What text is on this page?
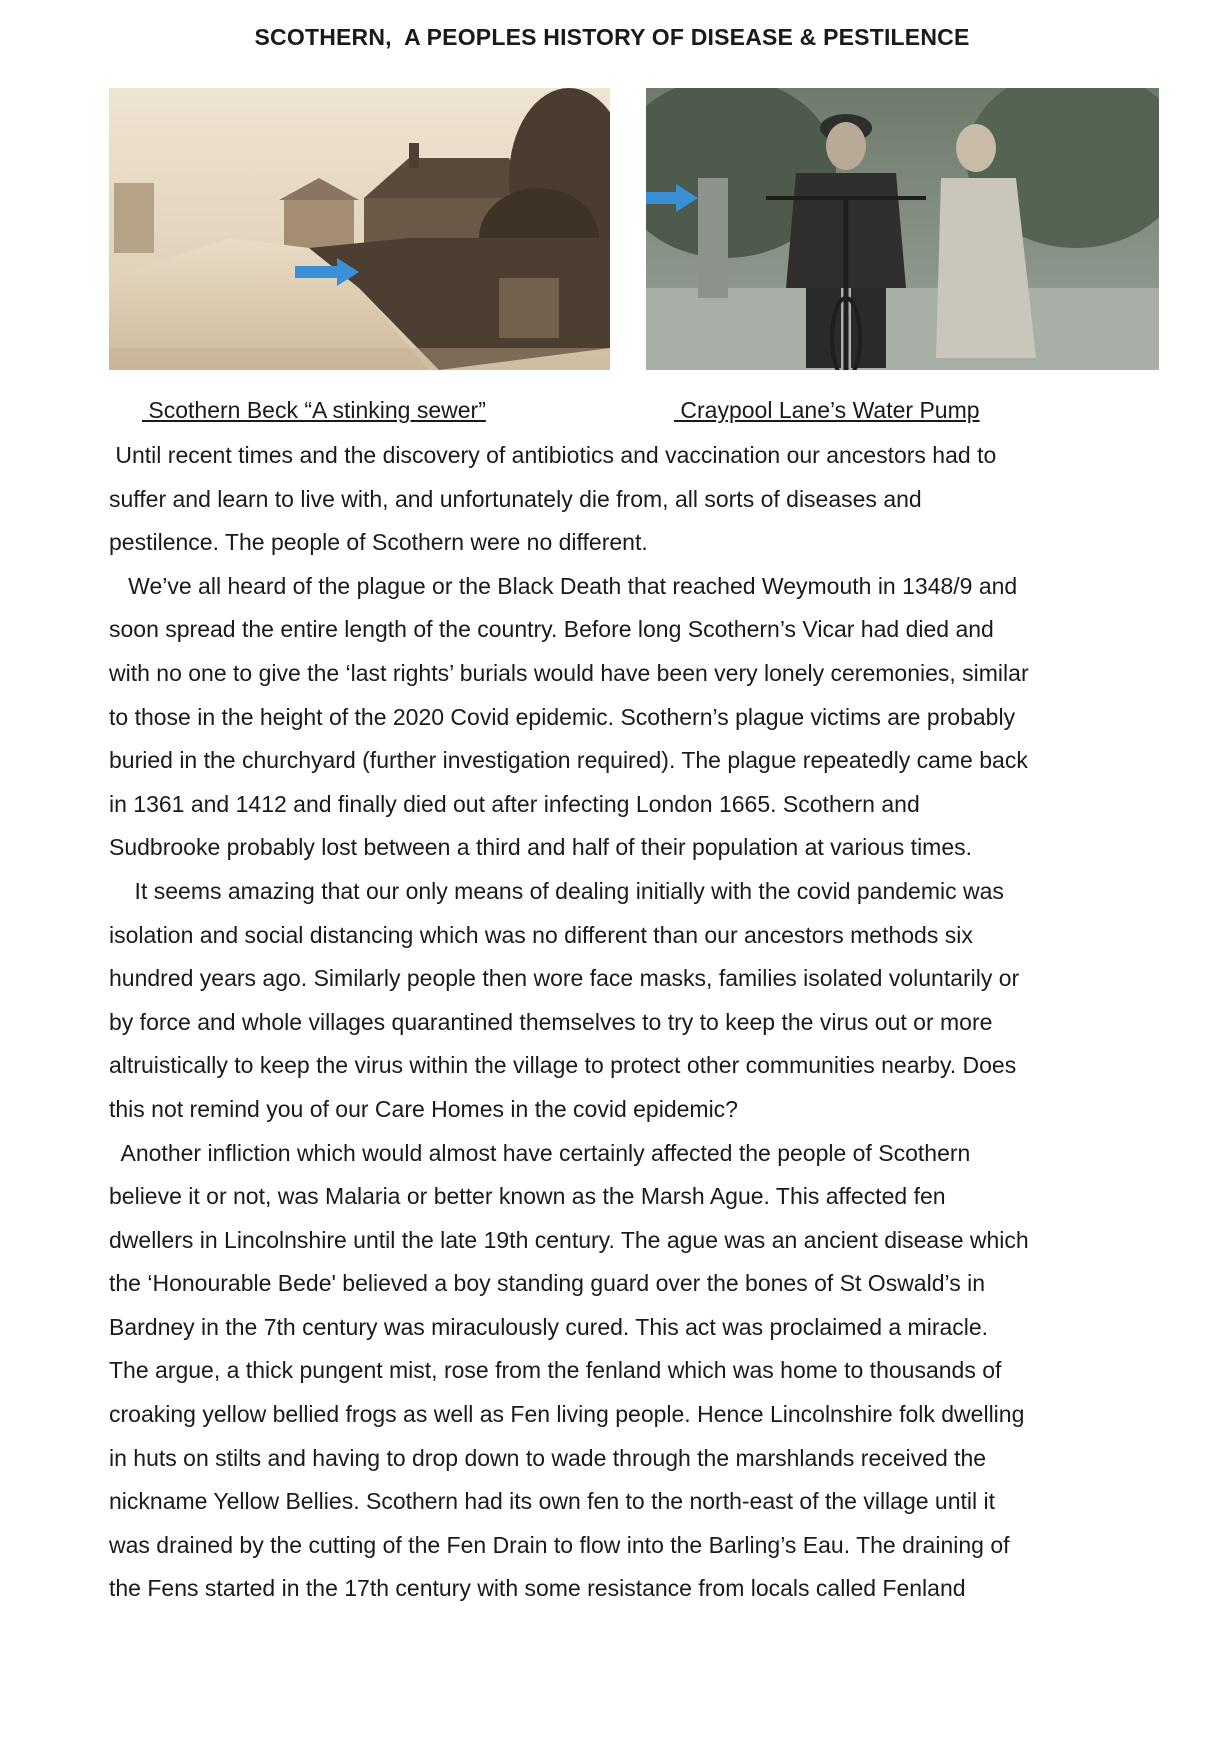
SCOTHERN,  A PEOPLES HISTORY OF DISEASE & PESTILENCE

Scothern Beck “A stinking sewer”	Craypool Lane’s Water Pump

Until recent times and the discovery of antibiotics and vaccination our ancestors had to
suffer and learn to live with, and unfortunately die from, all sorts of diseases and
pestilence. The people of Scothern were no different.
We’ve all heard of the plague or the Black Death that reached Weymouth in 1348/9 and
soon spread the entire length of the country. Before long Scothern’s Vicar had died and
with no one to give the ‘last rights’ burials would have been very lonely ceremonies, similar
to those in the height of the 2020 Covid epidemic. Scothern’s plague victims are probably
buried in the churchyard (further investigation required). The plague repeatedly came back
in 1361 and 1412 and finally died out after infecting London 1665. Scothern and
Sudbrooke probably lost between a third and half of their population at various times.
It seems amazing that our only means of dealing initially with the covid pandemic was
isolation and social distancing which was no different than our ancestors methods six
hundred years ago. Similarly people then wore face masks, families isolated voluntarily or
by force and whole villages quarantined themselves to try to keep the virus out or more
altruistically to keep the virus within the village to protect other communities nearby. Does
this not remind you of our Care Homes in the covid epidemic?
Another infliction which would almost have certainly affected the people of Scothern
believe it or not, was Malaria or better known as the Marsh Ague. This affected fen
dwellers in Lincolnshire until the late 19th century. The ague was an ancient disease which
the ‘Honourable Bede' believed a boy standing guard over the bones of St Oswald’s in
Bardney in the 7th century was miraculously cured. This act was proclaimed a miracle.
The argue, a thick pungent mist, rose from the fenland which was home to thousands of
croaking yellow bellied frogs as well as Fen living people. Hence Lincolnshire folk dwelling
in huts on stilts and having to drop down to wade through the marshlands received the
nickname Yellow Bellies. Scothern had its own fen to the north-east of the village until it
was drained by the cutting of the Fen Drain to flow into the Barling’s Eau. The draining of
the Fens started in the 17th century with some resistance from locals called Fenland
